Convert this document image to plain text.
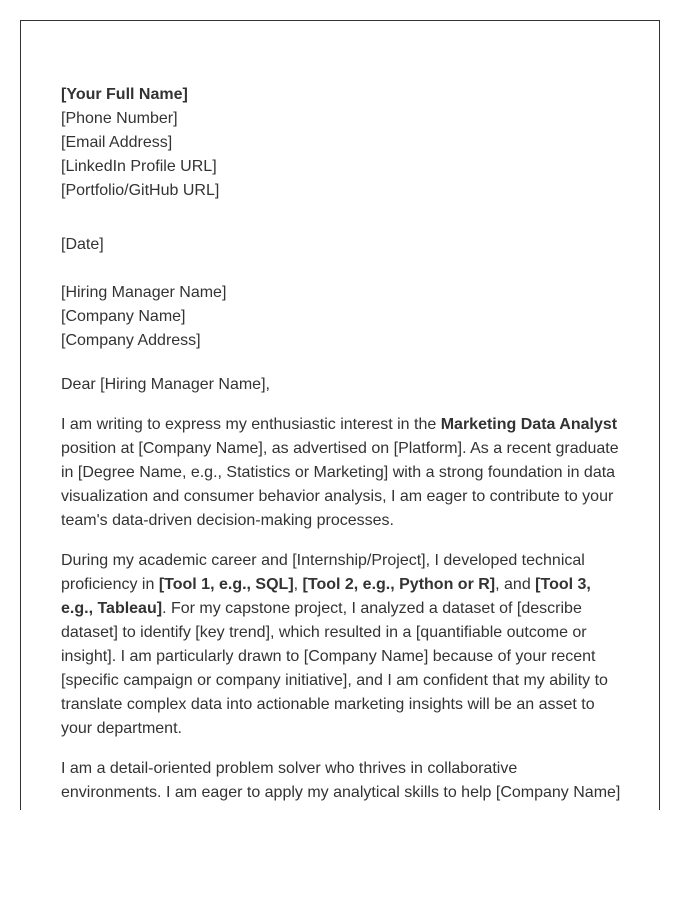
[Your Full Name]
[Phone Number]
[Email Address]
[LinkedIn Profile URL]
[Portfolio/GitHub URL]
[Date]
[Hiring Manager Name]
[Company Name]
[Company Address]
Dear [Hiring Manager Name],
I am writing to express my enthusiastic interest in the Marketing Data Analyst
position at [Company Name], as advertised on [Platform]. As a recent graduate
in [Degree Name, e.g., Statistics or Marketing] with a strong foundation in data
visualization and consumer behavior analysis, I am eager to contribute to your
team's data-driven decision-making processes.
During my academic career and [Internship/Project], I developed technical
proficiency in [Tool 1, e.g., SQL], [Tool 2, e.g., Python or R], and [Tool 3,
e.g., Tableau]. For my capstone project, I analyzed a dataset of [describe
dataset] to identify [key trend], which resulted in a [quantifiable outcome or
insight]. I am particularly drawn to [Company Name] because of your recent
[specific campaign or company initiative], and I am confident that my ability to
translate complex data into actionable marketing insights will be an asset to
your department.
I am a detail-oriented problem solver who thrives in collaborative
environments. I am eager to apply my analytical skills to help [Company Name]
